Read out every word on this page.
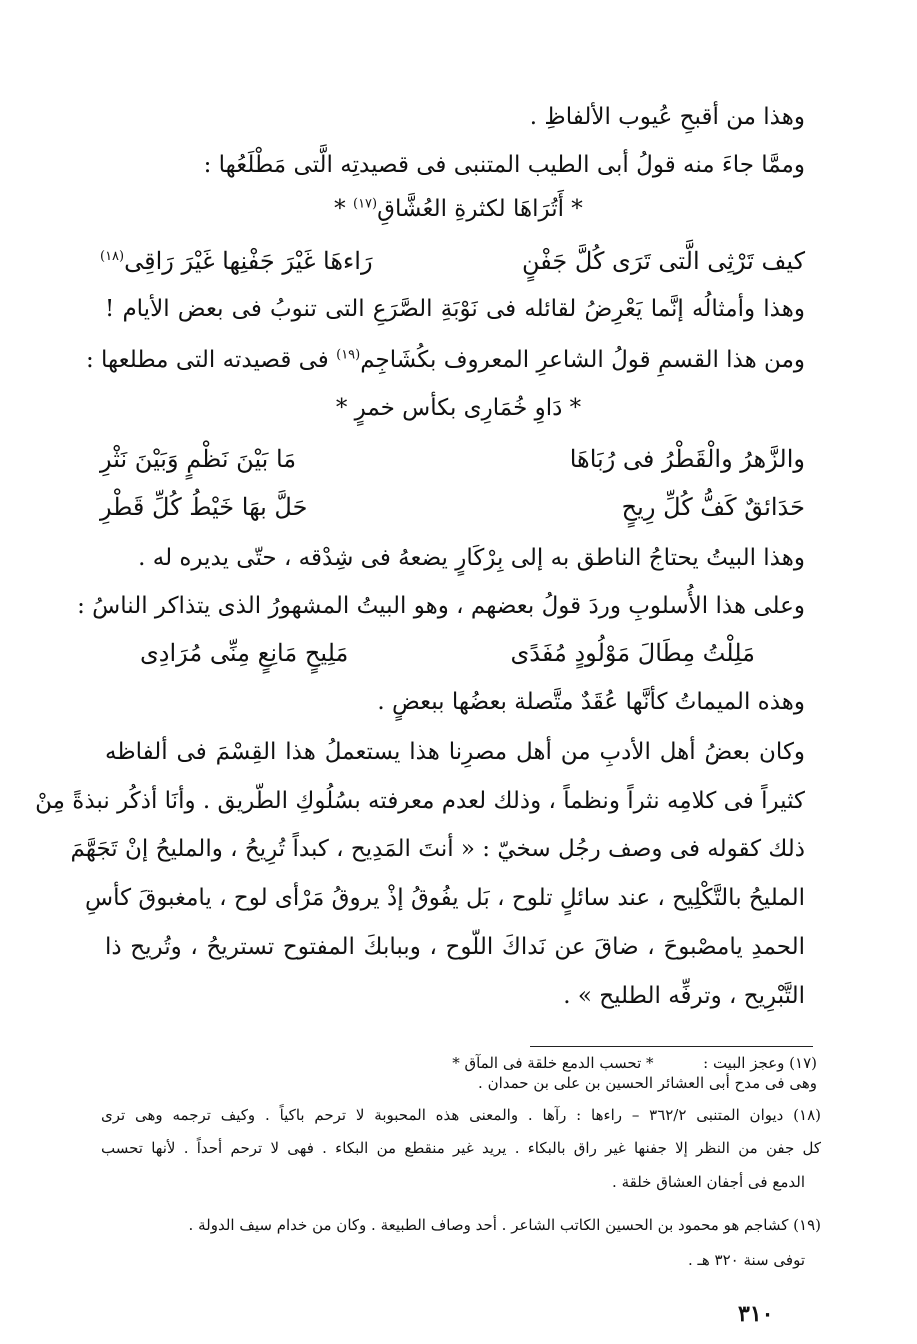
وهذا من أقبحِ عُيوب الألفاظِ .
وممَّا جاءَ منه قولُ أبى الطيب المتنبى فى قصيدتِه الَّتى مَطْلَعُها :
* أَتُرَاهَا لكثرةِ العُشَّاقِ$^{(١٧)}$ *
كيف تَرْثِى الَّتى تَرَى كُلَّ جَفْنٍ
رَاءهَا غَيْرَ جَفْنِها غَيْرَ رَاقِى$^{(١٨)}$
وهذا وأمثالُه إنَّما يَعْرِضُ لقائله فى نَوْبَةِ الصَّرَعِ التى تنوبُ فى بعض الأيام !
ومن هذا القسمِ قولُ الشاعرِ المعروف بكُشَاجِم$^{(١٩)}$ فى قصيدته التى مطلعها :
* دَاوِ خُمَارِى بكأس خمرٍ *
والزَّهرُ والْقَطْرُ فى رُبَاهَا
مَا بَيْنَ نَظْمٍ وَبَيْنَ نَثْرِ
حَدَائقٌ كَفُّ كُلِّ رِيحٍ
حَلَّ بهَا خَيْطُ كُلِّ قَطْرِ
وهذا البيتُ يحتاجُ الناطق به إلى بِرْكَارٍ يضعهُ فى شِدْقه ، حتّى يديره له .
وعلى هذا الأُسلوبِ وردَ قولُ بعضهم ، وهو البيتُ المشهورُ الذى يتذاكر الناسُ :
مَلِلْتُ مِطَالَ مَوْلُودٍ مُفَدًى
مَلِيحٍ مَانِعٍ مِنِّى مُرَادِى
وهذه الميماتُ كأنَّها عُقَدٌ متَّصلة بعضُها ببعضٍ .
وكان بعضُ أهل الأدبِ من أهل مصرِنا هذا يستعملُ هذا القِسْمَ فى ألفاظه
كثيراً فى كلامِه نثراً ونظماً ، وذلك لعدم معرفته بسُلُوكِ الطّريق . وأنَا أذكُر نبذةً مِنْ
ذلك كقوله فى وصف رجُل سخيّ : « أنتَ المَدِيح ، كبداً تُرِيحُ ، والمليحُ إنْ تَجَهَّمَ
المليحُ بالتَّكْلِيح ، عند سائلٍ تلوح ، بَل يفُوقُ إذْ يروقُ مَرْأى لوح ، يامغبوقَ كأسِ
الحمدِ يامصْبوحَ ، ضاقَ عن نَداكَ اللّوح ، وببابكَ المفتوح تستريحُ ، وتُريح ذا
التَّبْرِيح ، وترفِّه الطليح » .
(١٧) وعجز البيت :  * تحسب الدمع خلقة فى المآق *
وهى فى مدح أبى العشائر الحسين بن على بن حمدان .
(١٨) ديوان المتنبى ٣٦٢/٢ – راءها : رآها . والمعنى هذه المحبوبة لا ترحم باكياً . وكيف ترجمه وهى ترى
كل جفن من النظر إلا جفنها غير راق بالبكاء . يريد غير منقطع من البكاء . فهى لا ترحم أحداً . لأنها تحسب
الدمع فى أجفان العشاق خلقة .
(١٩) كشاجم هو محمود بن الحسين الكاتب الشاعر . أحد وصاف الطبيعة . وكان من خدام سيف الدولة .
توفى سنة ٣٢٠ هـ .
٣١٠
